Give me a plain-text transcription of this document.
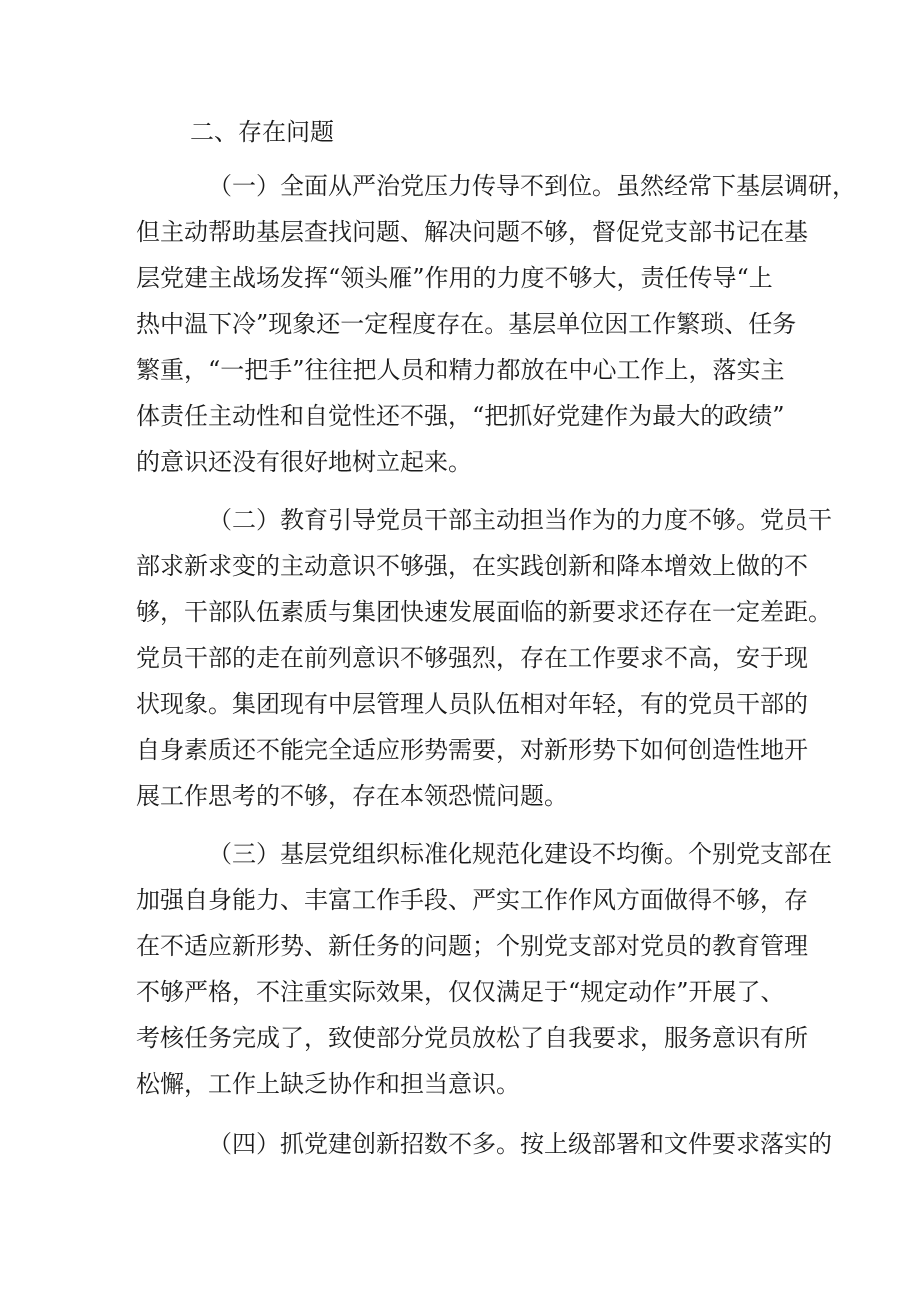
二、存在问题

（一）全面从严治党压力传导不到位。虽然经常下基层调研，

但主动帮助基层查找问题、解决问题不够，督促党支部书记在基

层党建主战场发挥“领头雁”作用的力度不够大，责任传导“上

热中温下冷”现象还一定程度存在。基层单位因工作繁琐、任务

繁重，“一把手”往往把人员和精力都放在中心工作上，落实主

体责任主动性和自觉性还不强，“把抓好党建作为最大的政绩”

的意识还没有很好地树立起来。

（二）教育引导党员干部主动担当作为的力度不够。党员干

部求新求变的主动意识不够强，在实践创新和降本增效上做的不

够，干部队伍素质与集团快速发展面临的新要求还存在一定差距。

党员干部的走在前列意识不够强烈，存在工作要求不高，安于现

状现象。集团现有中层管理人员队伍相对年轻，有的党员干部的

自身素质还不能完全适应形势需要，对新形势下如何创造性地开

展工作思考的不够，存在本领恐慌问题。

（三）基层党组织标准化规范化建设不均衡。个别党支部在

加强自身能力、丰富工作手段、严实工作作风方面做得不够，存

在不适应新形势、新任务的问题；个别党支部对党员的教育管理

不够严格，不注重实际效果，仅仅满足于“规定动作”开展了、

考核任务完成了，致使部分党员放松了自我要求，服务意识有所

松懈，工作上缺乏协作和担当意识。

（四）抓党建创新招数不多。按上级部署和文件要求落实的
